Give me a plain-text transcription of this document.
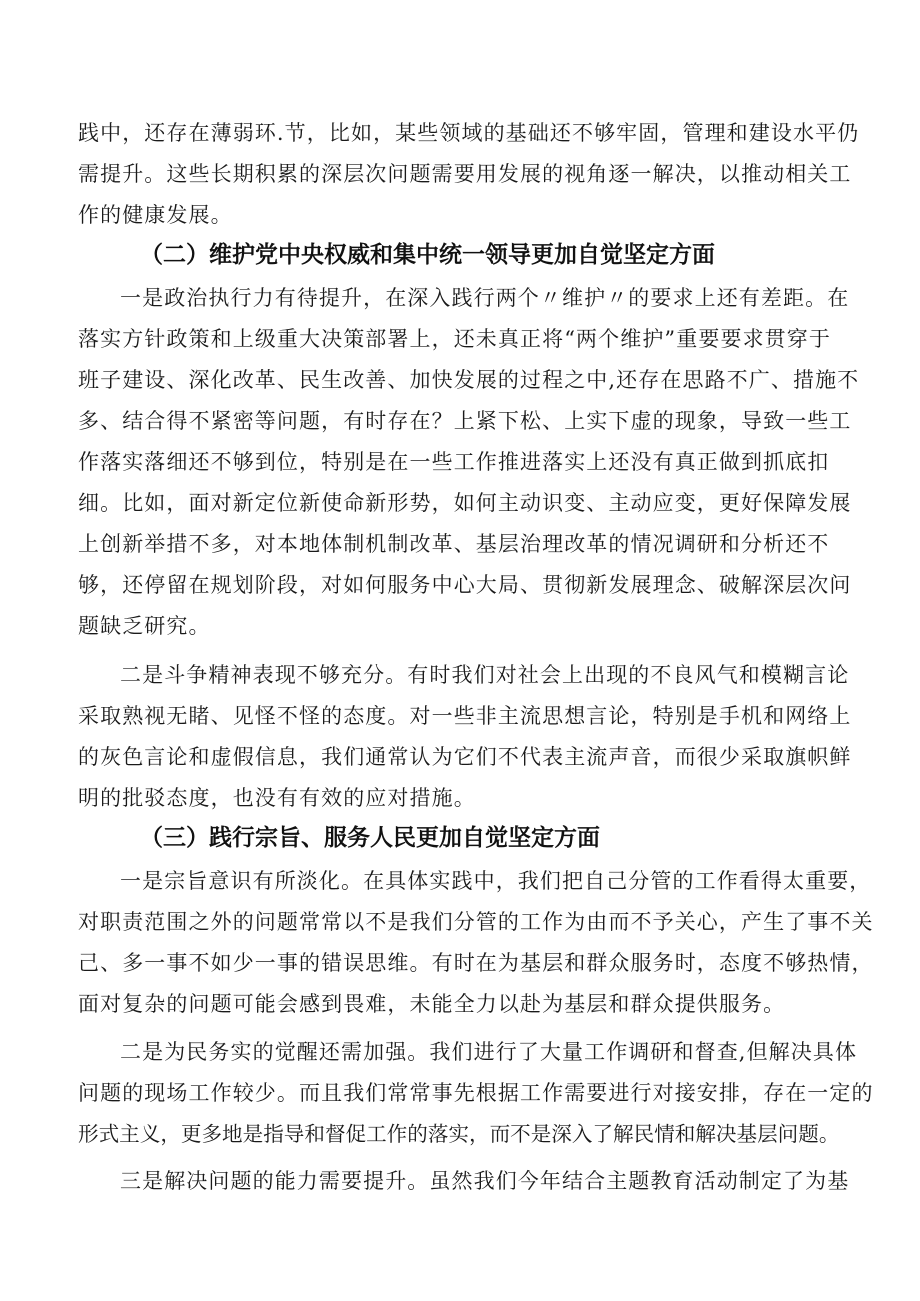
践中，还存在薄弱环.节，比如，某些领域的基础还不够牢固，管理和建设水平仍
需提升。这些长期积累的深层次问题需要用发展的视角逐一解决，以推动相关工
作的健康发展。
（二）维护党中央权威和集中统一领导更加自觉坚定方面
一是政治执行力有待提升，在深入践行两个〃维护〃的要求上还有差距。在
落实方针政策和上级重大决策部署上，还未真正将“两个维护”重要要求贯穿于
班子建设、深化改革、民生改善、加快发展的过程之中,还存在思路不广、措施不
多、结合得不紧密等问题，有时存在？上紧下松、上实下虚的现象，导致一些工
作落实落细还不够到位，特别是在一些工作推进落实上还没有真正做到抓底扣
细。比如，面对新定位新使命新形势，如何主动识变、主动应变，更好保障发展
上创新举措不多，对本地体制机制改革、基层治理改革的情况调研和分析还不
够，还停留在规划阶段，对如何服务中心大局、贯彻新发展理念、破解深层次问
题缺乏研究。
二是斗争精神表现不够充分。有时我们对社会上出现的不良风气和模糊言论
采取熟视无睹、见怪不怪的态度。对一些非主流思想言论，特别是手机和网络上
的灰色言论和虚假信息，我们通常认为它们不代表主流声音，而很少采取旗帜鲜
明的批驳态度，也没有有效的应对措施。
（三）践行宗旨、服务人民更加自觉坚定方面
一是宗旨意识有所淡化。在具体实践中，我们把自己分管的工作看得太重要，
对职责范围之外的问题常常以不是我们分管的工作为由而不予关心，产生了事不关
己、多一事不如少一事的错误思维。有时在为基层和群众服务时，态度不够热情，
面对复杂的问题可能会感到畏难，未能全力以赴为基层和群众提供服务。
二是为民务实的觉醒还需加强。我们进行了大量工作调研和督查,但解决具体
问题的现场工作较少。而且我们常常事先根据工作需要进行对接安排，存在一定的
形式主义，更多地是指导和督促工作的落实，而不是深入了解民情和解决基层问题。
三是解决问题的能力需要提升。虽然我们今年结合主题教育活动制定了为基
